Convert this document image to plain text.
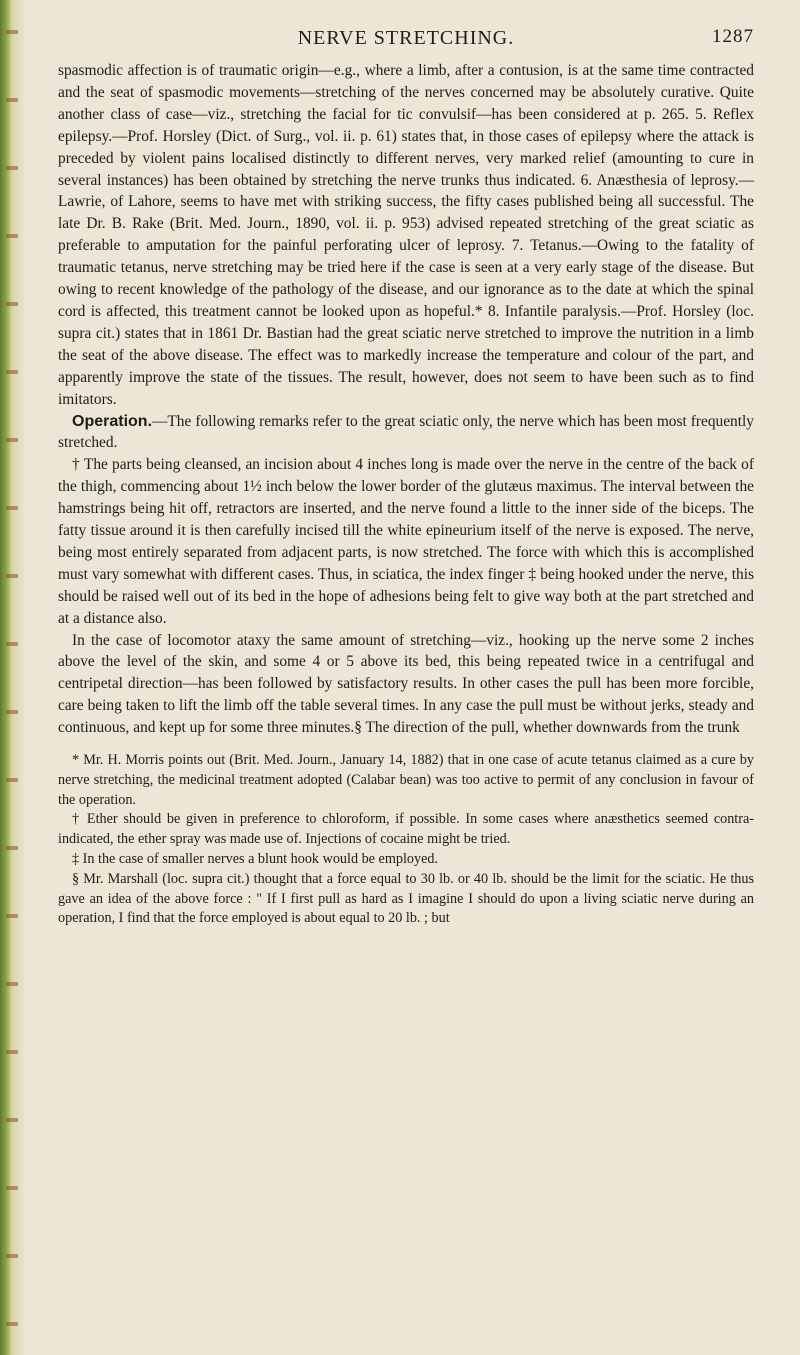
NERVE STRETCHING.	1287

spasmodic affection is of traumatic origin—e.g., where a limb, after a contusion, is at the same time contracted and the seat of spasmodic movements—stretching of the nerves concerned may be absolutely curative. Quite another class of case—viz., stretching the facial for tic convulsif—has been considered at p. 265. 5. Reflex epilepsy.—Prof. Horsley (Dict. of Surg., vol. ii. p. 61) states that, in those cases of epilepsy where the attack is preceded by violent pains localised distinctly to different nerves, very marked relief (amounting to cure in several instances) has been obtained by stretching the nerve trunks thus indicated. 6. Anæsthesia of leprosy.—Lawrie, of Lahore, seems to have met with striking success, the fifty cases published being all successful. The late Dr. B. Rake (Brit. Med. Journ., 1890, vol. ii. p. 953) advised repeated stretching of the great sciatic as preferable to amputation for the painful perforating ulcer of leprosy. 7. Tetanus.—Owing to the fatality of traumatic tetanus, nerve stretching may be tried here if the case is seen at a very early stage of the disease. But owing to recent knowledge of the pathology of the disease, and our ignorance as to the date at which the spinal cord is affected, this treatment cannot be looked upon as hopeful.* 8. Infantile paralysis.—Prof. Horsley (loc. supra cit.) states that in 1861 Dr. Bastian had the great sciatic nerve stretched to improve the nutrition in a limb the seat of the above disease. The effect was to markedly increase the temperature and colour of the part, and apparently improve the state of the tissues. The result, however, does not seem to have been such as to find imitators.

Operation.—The following remarks refer to the great sciatic only, the nerve which has been most frequently stretched.

† The parts being cleansed, an incision about 4 inches long is made over the nerve in the centre of the back of the thigh, commencing about 1½ inch below the lower border of the glutæus maximus. The interval between the hamstrings being hit off, retractors are inserted, and the nerve found a little to the inner side of the biceps. The fatty tissue around it is then carefully incised till the white epineurium itself of the nerve is exposed. The nerve, being most entirely separated from adjacent parts, is now stretched. The force with which this is accomplished must vary somewhat with different cases. Thus, in sciatica, the index finger ‡ being hooked under the nerve, this should be raised well out of its bed in the hope of adhesions being felt to give way both at the part stretched and at a distance also.

In the case of locomotor ataxy the same amount of stretching—viz., hooking up the nerve some 2 inches above the level of the skin, and some 4 or 5 above its bed, this being repeated twice in a centrifugal and centripetal direction—has been followed by satisfactory results. In other cases the pull has been more forcible, care being taken to lift the limb off the table several times. In any case the pull must be without jerks, steady and continuous, and kept up for some three minutes.§ The direction of the pull, whether downwards from the trunk

* Mr. H. Morris points out (Brit. Med. Journ., January 14, 1882) that in one case of acute tetanus claimed as a cure by nerve stretching, the medicinal treatment adopted (Calabar bean) was too active to permit of any conclusion in favour of the operation.

† Ether should be given in preference to chloroform, if possible. In some cases where anæsthetics seemed contra-indicated, the ether spray was made use of. Injections of cocaine might be tried.

‡ In the case of smaller nerves a blunt hook would be employed.

§ Mr. Marshall (loc. supra cit.) thought that a force equal to 30 lb. or 40 lb. should be the limit for the sciatic. He thus gave an idea of the above force : " If I first pull as hard as I imagine I should do upon a living sciatic nerve during an operation, I find that the force employed is about equal to 20 lb. ; but
